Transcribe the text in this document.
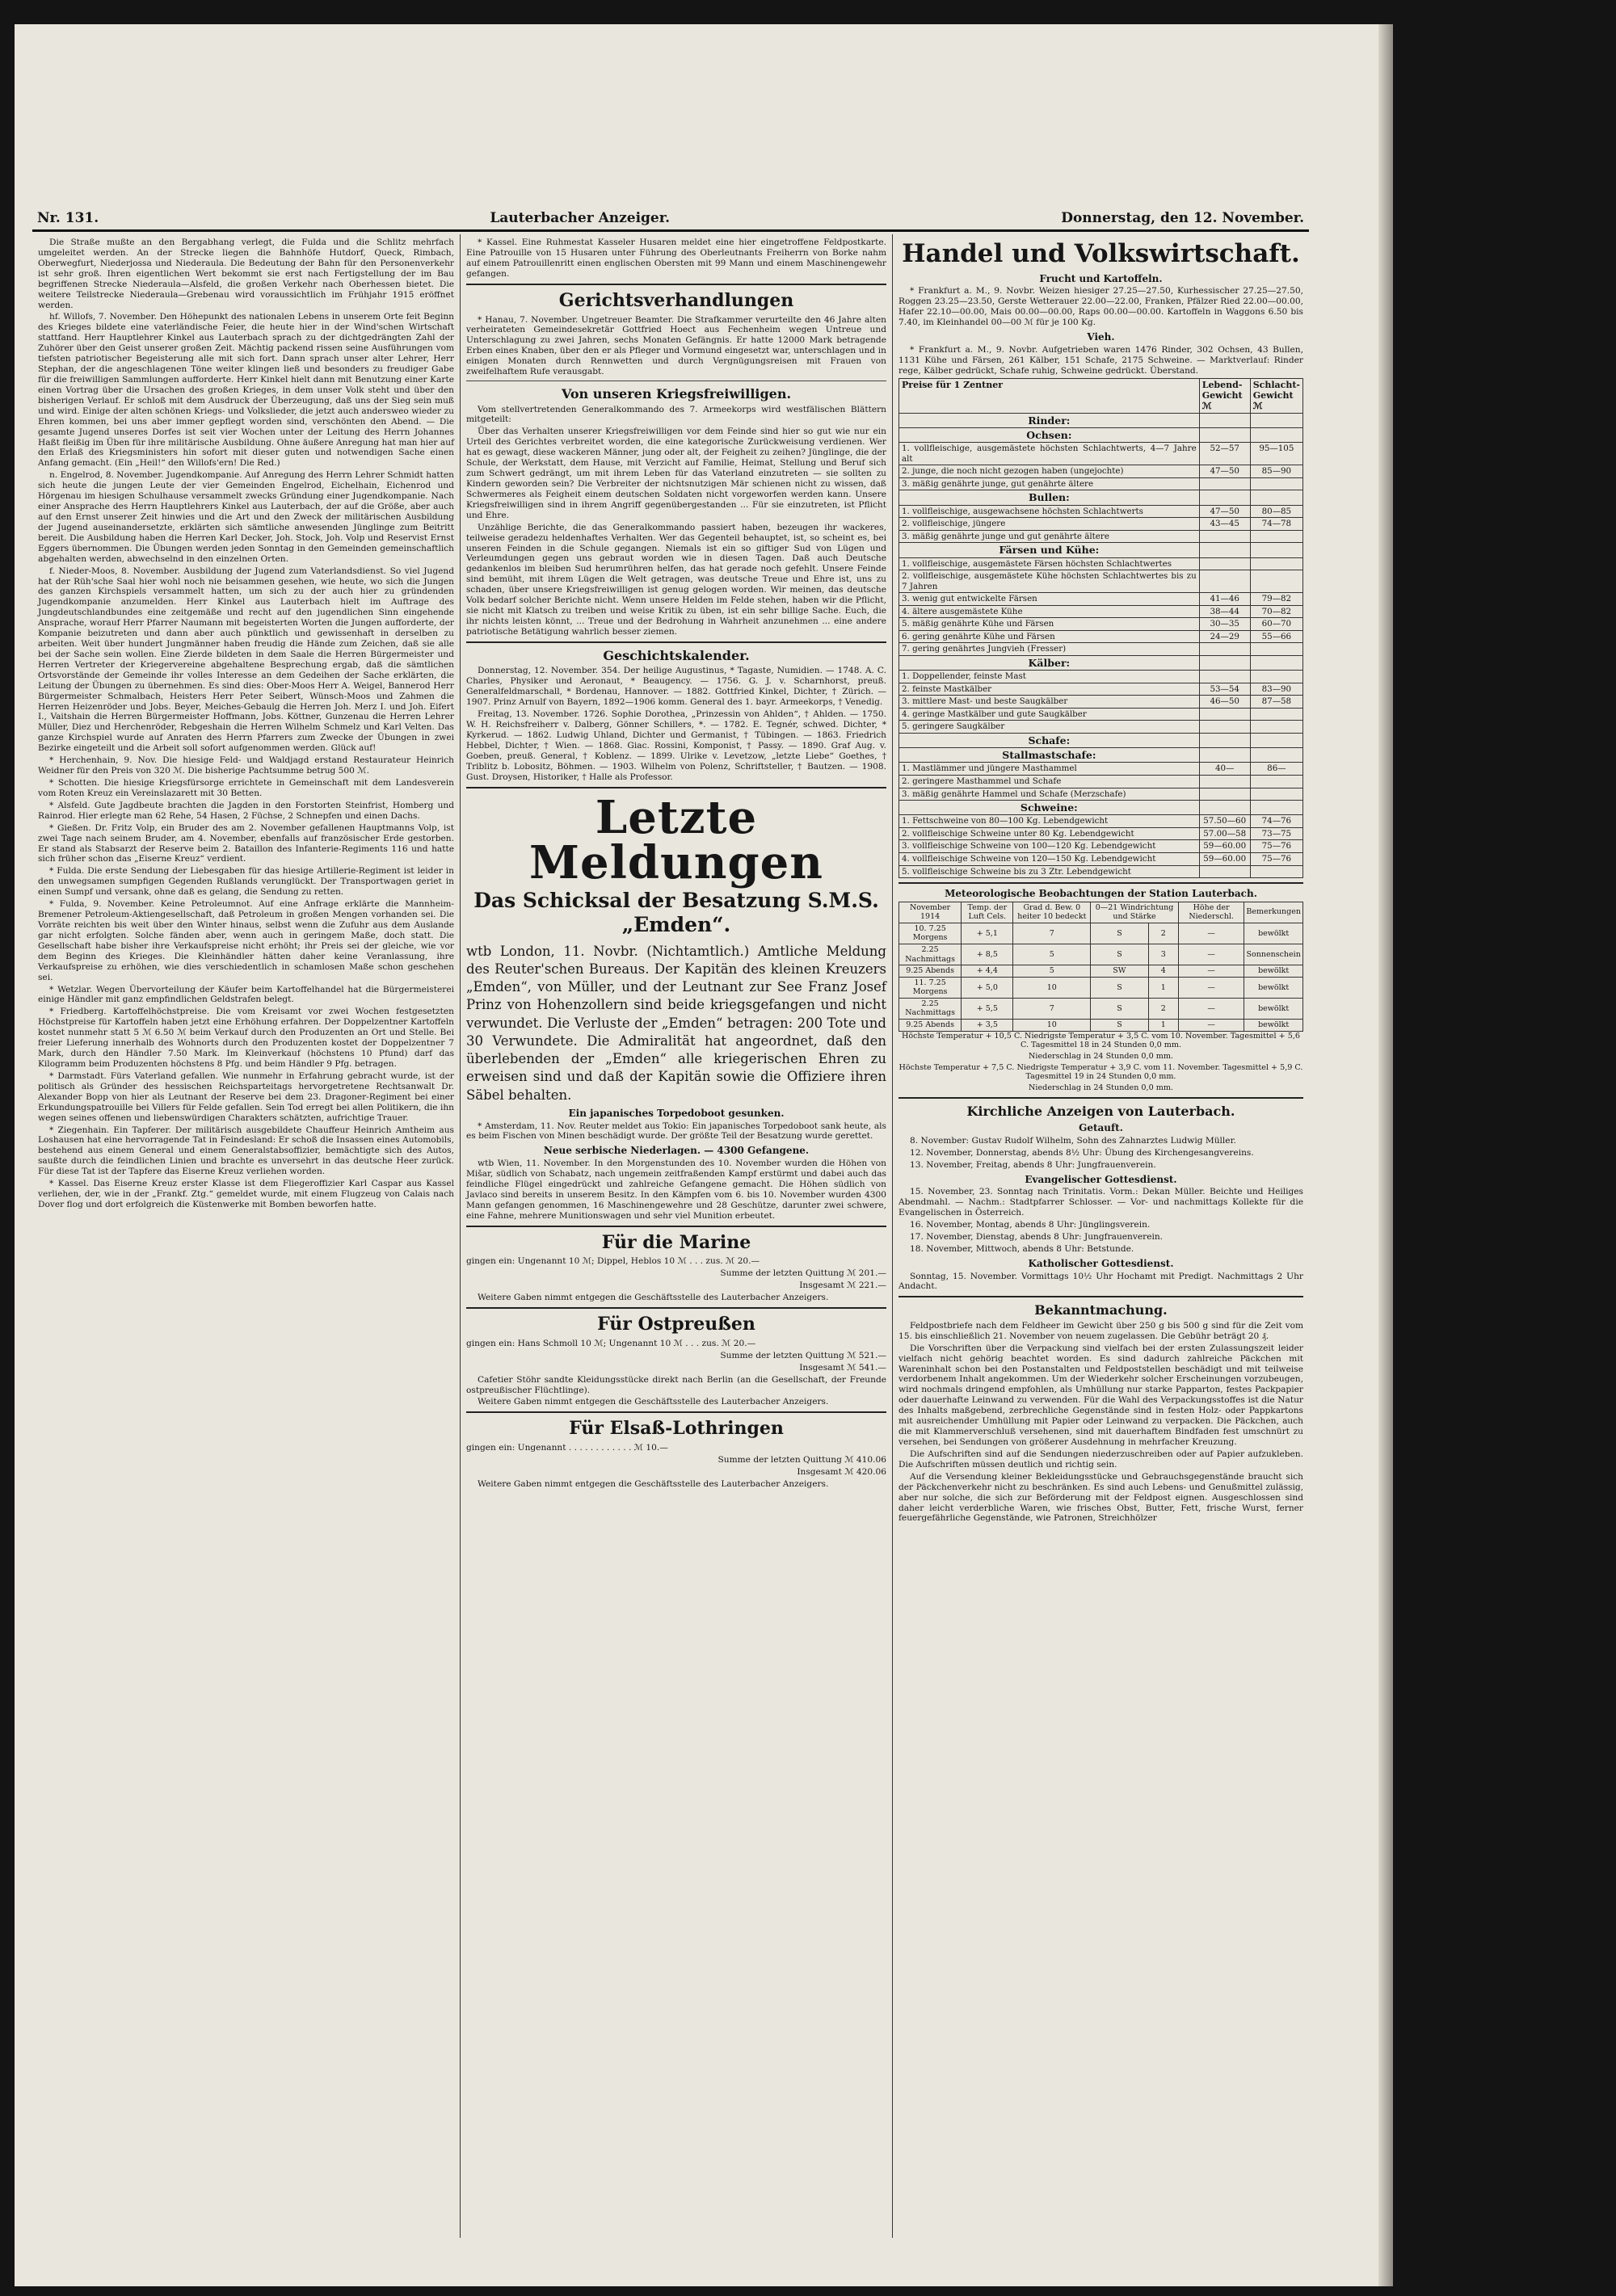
Nr. 131.	Lauterbacher Anzeiger.	Donnerstag, den 12. November.

Die Straße mußte an den Bergabhang verlegt, die Fulda und die Schlitz mehrfach umgeleitet werden. An der Strecke liegen die Bahnhöfe Hutdorf, Queck, Rimbach, Oberwegfurt, Niederjossa und Niederaula. Die Bedeutung der Bahn für den Personenverkehr ist sehr groß. Ihren eigentlichen Wert bekommt sie erst nach Fertigstellung der im Bau begriffenen Strecke Niederaula—Alsfeld, die großen Verkehr nach Oberhessen bietet. Die weitere Teilstrecke Niederaula—Grebenau wird voraussichtlich im Frühjahr 1915 eröffnet werden.

hf. Willofs, 7. November. Den Höhepunkt des nationalen Lebens in unserem Orte feit Beginn des Krieges bildete eine vaterländische Feier, die heute hier in der Wind'schen Wirtschaft stattfand. Herr Hauptlehrer Kinkel aus Lauterbach sprach zu der dichtgedrängten Zahl der Zuhörer über den Geist unserer großen Zeit. Mächtig packend rissen seine Ausführungen vom tiefsten patriotischer Begeisterung alle mit sich fort. Dann sprach unser alter Lehrer, Herr Stephan, der die angeschlagenen Töne weiter klingen ließ und besonders zu freudiger Gabe für die freiwilligen Sammlungen aufforderte. Herr Kinkel hielt dann mit Benutzung einer Karte einen Vortrag über die Ursachen des großen Krieges, in dem unser Volk steht und über den bisherigen Verlauf. Er schloß mit dem Ausdruck der Überzeugung, daß uns der Sieg sein muß und wird. Einige der alten schönen Kriegs- und Volkslieder, die jetzt auch andersweo wieder zu Ehren kommen, bei uns aber immer gepflegt worden sind, verschönten den Abend. — Die gesamte Jugend unseres Dorfes ist seit vier Wochen unter der Leitung des Herrn Johannes Haßt fleißig im Üben für ihre militärische Ausbildung. Ohne äußere Anregung hat man hier auf den Erlaß des Kriegsministers hin sofort mit dieser guten und notwendigen Sache einen Anfang gemacht. (Ein „Heil!“ den Willofs'ern! Die Red.)

n. Engelrod, 8. November. Jugendkompanie. Auf Anregung des Herrn Lehrer Schmidt hatten sich heute die jungen Leute der vier Gemeinden Engelrod, Eichelhain, Eichenrod und Hörgenau im hiesigen Schulhause versammelt zwecks Gründung einer Jugendkompanie. Nach einer Ansprache des Herrn Hauptlehrers Kinkel aus Lauterbach, der auf die Größe, aber auch auf den Ernst unserer Zeit hinwies und die Art und den Zweck der militärischen Ausbildung der Jugend auseinandersetzte, erklärten sich sämtliche anwesenden Jünglinge zum Beitritt bereit. Die Ausbildung haben die Herren Karl Decker, Joh. Stock, Joh. Volp und Reservist Ernst Eggers übernommen. Die Übungen werden jeden Sonntag in den Gemeinden gemeinschaftlich abgehalten werden, abwechselnd in den einzelnen Orten.

f. Nieder-Moos, 8. November. Ausbildung der Jugend zum Vaterlandsdienst. So viel Jugend hat der Rüh'sche Saal hier wohl noch nie beisammen gesehen, wie heute, wo sich die Jungen des ganzen Kirchspiels versammelt hatten, um sich zu der auch hier zu gründenden Jugendkompanie anzumelden. Herr Kinkel aus Lauterbach hielt im Auftrage des Jungdeutschlandbundes eine zeitgemäße und recht auf den jugendlichen Sinn eingehende Ansprache, worauf Herr Pfarrer Naumann mit begeisterten Worten die Jungen aufforderte, der Kompanie beizutreten und dann aber auch pünktlich und gewissenhaft in derselben zu arbeiten. Weit über hundert Jungmänner haben freudig die Hände zum Zeichen, daß sie alle bei der Sache sein wollen. Eine Zierde bildeten in dem Saale die Herren Bürgermeister und Herren Vertreter der Kriegervereine abgehaltene Besprechung ergab, daß die sämtlichen Ortsvorstände der Gemeinde ihr volles Interesse an dem Gedeihen der Sache erklärten, die Leitung der Übungen zu übernehmen. Es sind dies: Ober-Moos Herr A. Weigel, Bannerod Herr Bürgermeister Schmalbach, Heisters Herr Peter Seibert, Wünsch-Moos und Zahmen die Herren Heizenröder und Jobs. Beyer, Meiches-Gebaulg die Herren Joh. Merz I. und Joh. Eifert I., Vaitshain die Herren Bürgermeister Hoffmann, Jobs. Köttner, Gunzenau die Herren Lehrer Müller, Diez und Herchenröder, Rebgeshain die Herren Wilhelm Schmelz und Karl Velten. Das ganze Kirchspiel wurde auf Anraten des Herrn Pfarrers zum Zwecke der Übungen in zwei Bezirke eingeteilt und die Arbeit soll sofort aufgenommen werden. Glück auf!

* Herchenhain, 9. Nov. Die hiesige Feld- und Waldjagd erstand Restaurateur Heinrich Weidner für den Preis von 320 ℳ. Die bisherige Pachtsumme betrug 500 ℳ.

* Schotten. Die hiesige Kriegsfürsorge errichtete in Gemeinschaft mit dem Landesverein vom Roten Kreuz ein Vereinslazarett mit 30 Betten.

* Alsfeld. Gute Jagdbeute brachten die Jagden in den Forstorten Steinfrist, Homberg und Rainrod. Hier erlegte man 62 Rehe, 54 Hasen, 2 Füchse, 2 Schnepfen und einen Dachs.

* Gießen. Dr. Fritz Volp, ein Bruder des am 2. November gefallenen Hauptmanns Volp, ist zwei Tage nach seinem Bruder, am 4. November, ebenfalls auf französischer Erde gestorben. Er stand als Stabsarzt der Reserve beim 2. Bataillon des Infanterie-Regiments 116 und hatte sich früher schon das „Eiserne Kreuz“ verdient.

* Fulda. Die erste Sendung der Liebesgaben für das hiesige Artillerie-Regiment ist leider in den unwegsamen sumpfigen Gegenden Rußlands verunglückt. Der Transportwagen geriet in einen Sumpf und versank, ohne daß es gelang, die Sendung zu retten.

* Fulda, 9. November. Keine Petroleumnot. Auf eine Anfrage erklärte die Mannheim-Bremener Petroleum-Aktiengesellschaft, daß Petroleum in großen Mengen vorhanden sei. Die Vorräte reichten bis weit über den Winter hinaus, selbst wenn die Zufuhr aus dem Auslande gar nicht erfolgten. Solche fänden aber, wenn auch in geringem Maße, doch statt. Die Gesellschaft habe bisher ihre Verkaufspreise nicht erhöht; ihr Preis sei der gleiche, wie vor dem Beginn des Krieges. Die Kleinhändler hätten daher keine Veranlassung, ihre Verkaufspreise zu erhöhen, wie dies verschiedentlich in schamlosen Maße schon geschehen sei.

* Wetzlar. Wegen Übervorteilung der Käufer beim Kartoffelhandel hat die Bürgermeisterei einige Händler mit ganz empfindlichen Geldstrafen belegt.

* Friedberg. Kartoffelhöchstpreise. Die vom Kreisamt vor zwei Wochen festgesetzten Höchstpreise für Kartoffeln haben jetzt eine Erhöhung erfahren. Der Doppelzentner Kartoffeln kostet nunmehr statt 5 ℳ 6.50 ℳ beim Verkauf durch den Produzenten an Ort und Stelle. Bei freier Lieferung innerhalb des Wohnorts durch den Produzenten kostet der Doppelzentner 7 Mark, durch den Händler 7.50 Mark. Im Kleinverkauf (höchstens 10 Pfund) darf das Kilogramm beim Produzenten höchstens 8 Pfg. und beim Händler 9 Pfg. betragen.

* Darmstadt. Fürs Vaterland gefallen. Wie nunmehr in Erfahrung gebracht wurde, ist der politisch als Gründer des hessischen Reichsparteitags hervorgetretene Rechtsanwalt Dr. Alexander Bopp von hier als Leutnant der Reserve bei dem 23. Dragoner-Regiment bei einer Erkundungspatrouille bei Villers für Felde gefallen. Sein Tod erregt bei allen Politikern, die ihn wegen seines offenen und liebenswürdigen Charakters schätzten, aufrichtige Trauer.

* Ziegenhain. Ein Tapferer. Der militärisch ausgebildete Chauffeur Heinrich Amtheim aus Loshausen hat eine hervorragende Tat in Feindesland: Er schoß die Insassen eines Automobils, bestehend aus einem General und einem Generalstabsoffizier, bemächtigte sich des Autos, saußte durch die feindlichen Linien und brachte es unversehrt in das deutsche Heer zurück. Für diese Tat ist der Tapfere das Eiserne Kreuz verliehen worden.

* Kassel. Das Eiserne Kreuz erster Klasse ist dem Fliegeroffizier Karl Caspar aus Kassel verliehen, der, wie in der „Frankf. Ztg.“ gemeldet wurde, mit einem Flugzeug von Calais nach Dover flog und dort erfolgreich die Küstenwerke mit Bomben beworfen hatte.

* Kassel. Eine Ruhmestat Kasseler Husaren meldet eine hier eingetroffene Feldpostkarte. Eine Patrouille von 15 Husaren unter Führung des Oberleutnants Freiherrn von Borke nahm auf einem Patrouillenritt einen englischen Obersten mit 99 Mann und einem Maschinengewehr gefangen.

Gerichtsverhandlungen

* Hanau, 7. November. Ungetreuer Beamter. Die Strafkammer verurteilte den 46 Jahre alten verheirateten Gemeindesekretär Gottfried Hoect aus Fechenheim wegen Untreue und Unterschlagung zu zwei Jahren, sechs Monaten Gefängnis. Er hatte 12000 Mark betragende Erben eines Knaben, über den er als Pfleger und Vormund eingesetzt war, unterschlagen und in einigen Monaten durch Rennwetten und durch Vergnügungsreisen mit Frauen von zweifelhaftem Rufe verausgabt.

Von unseren Kriegsfreiwilligen.

Vom stellvertretenden Generalkommando des 7. Armeekorps wird westfälischen Blättern mitgeteilt:

Über das Verhalten unserer Kriegsfreiwilligen vor dem Feinde sind hier so gut wie nur ein Urteil des Gerichtes verbreitet worden, die eine kategorische Zurückweisung verdienen. Wer hat es gewagt, diese wackeren Männer, jung oder alt, der Feigheit zu zeihen? Jünglinge, die der Schule, der Werkstatt, dem Hause, mit Verzicht auf Familie, Heimat, Stellung und Beruf sich zum Schwert gedrängt, um mit ihrem Leben für das Vaterland einzutreten — sie sollten zu Kindern geworden sein? Die Verbreiter der nichtsnutzigen Mär schienen nicht zu wissen, daß Schwermeres als Feigheit einem deutschen Soldaten nicht vorgeworfen werden kann. Unsere Kriegsfreiwilligen sind in ihrem Angriff gegenübergestanden ... Für sie einzutreten, ist Pflicht und Ehre.

Unzählige Berichte, die das Generalkommando passiert haben, bezeugen ihr wackeres, teilweise geradezu heldenhaftes Verhalten. Wer das Gegenteil behauptet, ist, so scheint es, bei unseren Feinden in die Schule gegangen. Niemals ist ein so giftiger Sud von Lügen und Verleumdungen gegen uns gebraut worden wie in diesen Tagen. Daß auch Deutsche gedankenlos im bleiben Sud herumrühren helfen, das hat gerade noch gefehlt. Unsere Feinde sind bemüht, mit ihrem Lügen die Welt getragen, was deutsche Treue und Ehre ist, uns zu schaden, über unsere Kriegsfreiwilligen ist genug gelogen worden. Wir meinen, das deutsche Volk bedarf solcher Berichte nicht. Wenn unsere Helden im Felde stehen, haben wir die Pflicht, sie nicht mit Klatsch zu treiben und weise Kritik zu üben, ist ein sehr billige Sache. Euch, die ihr nichts leisten könnt, ... Treue und der Bedrohung in Wahrheit anzunehmen ... eine andere patriotische Betätigung wahrlich besser ziemen.

Geschichtskalender.

Donnerstag, 12. November. 354. Der heilige Augustinus, * Tagaste, Numidien. — 1748. A. C. Charles, Physiker und Aeronaut, * Beaugency. — 1756. G. J. v. Scharnhorst, preuß. Generalfeldmarschall, * Bordenau, Hannover. — 1882. Gottfried Kinkel, Dichter, † Zürich. — 1907. Prinz Arnulf von Bayern, 1892—1906 komm. General des 1. bayr. Armeekorps, † Venedig.

Freitag, 13. November. 1726. Sophie Dorothea, „Prinzessin von Ahlden“, † Ahlden. — 1750. W. H. Reichsfreiherr v. Dalberg, Gönner Schillers, *. — 1782. E. Tegnér, schwed. Dichter, * Kyrkerud. — 1862. Ludwig Uhland, Dichter und Germanist, † Tübingen. — 1863. Friedrich Hebbel, Dichter, † Wien. — 1868. Giac. Rossini, Komponist, † Passy. — 1890. Graf Aug. v. Goeben, preuß. General, † Koblenz. — 1899. Ulrike v. Levetzow, „letzte Liebe“ Goethes, † Triblitz b. Lobositz, Böhmen. — 1903. Wilhelm von Polenz, Schriftsteller, † Bautzen. — 1908. Gust. Droysen, Historiker, † Halle als Professor.

Letzte Meldungen
Das Schicksal der Besatzung S.M.S. „Emden“.

wtb London, 11. Novbr. (Nichtamtlich.) Amtliche Meldung des Reuter'schen Bureaus. Der Kapitän des kleinen Kreuzers „Emden“, von Müller, und der Leutnant zur See Franz Josef Prinz von Hohenzollern sind beide kriegsgefangen und nicht verwundet. Die Verluste der „Emden“ betragen: 200 Tote und 30 Verwundete. Die Admiralität hat angeordnet, daß den überlebenden der „Emden“ alle kriegerischen Ehren zu erweisen sind und daß der Kapitän sowie die Offiziere ihren Säbel behalten.

Ein japanisches Torpedoboot gesunken.

* Amsterdam, 11. Nov. Reuter meldet aus Tokio: Ein japanisches Torpedoboot sank heute, als es beim Fischen von Minen beschädigt wurde. Der größte Teil der Besatzung wurde gerettet.

Neue serbische Niederlagen. — 4300 Gefangene.

wtb Wien, 11. November. In den Morgenstunden des 10. November wurden die Höhen von Mišar, südlich von Schabatz, nach ungemein zeitfraßenden Kampf erstürmt und dabei auch das feindliche Flügel eingedrückt und zahlreiche Gefangene gemacht. Die Höhen südlich von Javlaco sind bereits in unserem Besitz. In den Kämpfen vom 6. bis 10. November wurden 4300 Mann gefangen genommen, 16 Maschinengewehre und 28 Geschütze, darunter zwei schwere, eine Fahne, mehrere Munitionswagen und sehr viel Munition erbeutet.

Für die Marine

gingen ein: Ungenannt 10 ℳ; Dippel, Heblos 10 ℳ . . . zus. ℳ 20.—

Summe der letzten Quittung ℳ 201.—

Insgesamt ℳ 221.—

Weitere Gaben nimmt entgegen die Geschäftsstelle des Lauterbacher Anzeigers.

Für Ostpreußen

gingen ein: Hans Schmoll 10 ℳ; Ungenannt 10 ℳ . . . zus. ℳ 20.—

Summe der letzten Quittung ℳ 521.—

Insgesamt ℳ 541.—

Cafetier Stöhr sandte Kleidungsstücke direkt nach Berlin (an die Gesellschaft, der Freunde ostpreußischer Flüchtlinge).

Weitere Gaben nimmt entgegen die Geschäftsstelle des Lauterbacher Anzeigers.

Für Elsaß-Lothringen

gingen ein: Ungenannt . . . . . . . . . . . . ℳ 10.—

Summe der letzten Quittung ℳ 410.06

Insgesamt ℳ 420.06

Weitere Gaben nimmt entgegen die Geschäftsstelle des Lauterbacher Anzeigers.

Handel und Volkswirtschaft.
Frucht und Kartoffeln.

* Frankfurt a. M., 9. Novbr. Weizen hiesiger 27.25—27.50, Kurhessischer 27.25—27.50, Roggen 23.25—23.50, Gerste Wetterauer 22.00—22.00, Franken, Pfälzer Ried 22.00—00.00, Hafer 22.10—00.00, Mais 00.00—00.00, Raps 00.00—00.00. Kartoffeln in Waggons 6.50 bis 7.40, im Kleinhandel 00—00 ℳ für je 100 Kg.

Vieh.

* Frankfurt a. M., 9. Novbr. Aufgetrieben waren 1476 Rinder, 302 Ochsen, 43 Bullen, 1131 Kühe und Färsen, 261 Kälber, 151 Schafe, 2175 Schweine. — Marktverlauf: Rinder rege, Kälber gedrückt, Schafe ruhig, Schweine gedrückt. Überstand.

Preise für 1 Zentner	Lebend-Gewicht ℳ	Schlacht-Gewicht ℳ
Rinder:		
Ochsen:		
1. vollfleischige, ausgemästete höchsten Schlachtwerts, 4—7 Jahre alt	52—57	95—105
2. junge, die noch nicht gezogen haben (ungejochte)	47—50	85—90
3. mäßig genährte junge, gut genährte ältere		
Bullen:		
1. vollfleischige, ausgewachsene höchsten Schlachtwerts	47—50	80—85
2. vollfleischige, jüngere	43—45	74—78
3. mäßig genährte junge und gut genährte ältere		
Färsen und Kühe:		
1. vollfleischige, ausgemästete Färsen höchsten Schlachtwertes		
2. vollfleischige, ausgemästete Kühe höchsten Schlachtwertes bis zu 7 Jahren		
3. wenig gut entwickelte Färsen	41—46	79—82
4. ältere ausgemästete Kühe	38—44	70—82
5. mäßig genährte Kühe und Färsen	30—35	60—70
6. gering genährte Kühe und Färsen	24—29	55—66
7. gering genährtes Jungvieh (Fresser)		
Kälber:		
1. Doppellender, feinste Mast		
2. feinste Mastkälber	53—54	83—90
3. mittlere Mast- und beste Saugkälber	46—50	87—58
4. geringe Mastkälber und gute Saugkälber		
5. geringere Saugkälber		
Schafe:		
Stallmastschafe:		
1. Mastlämmer und jüngere Masthammel	40—	86—
2. geringere Masthammel und Schafe		
3. mäßig genährte Hammel und Schafe (Merzschafe)		
Schweine:		
1. Fettschweine von 80—100 Kg. Lebendgewicht	57.50—60	74—76
2. vollfleischige Schweine unter 80 Kg. Lebendgewicht	57.00—58	73—75
3. vollfleischige Schweine von 100—120 Kg. Lebendgewicht	59—60.00	75—76
4. vollfleischige Schweine von 120—150 Kg. Lebendgewicht	59—60.00	75—76
5. vollfleischige Schweine bis zu 3 Ztr. Lebendgewicht		
Meteorologische Beobachtungen der Station Lauterbach.
November 1914	Temp. der Luft Cels.	Grad d. Bew. 0 heiter 10 bedeckt	0—21 Windrichtung und Stärke		Höhe der Niederschl.	Bemerkungen
10. 7.25 Morgens	+ 5,1	7	S	2	—	bewölkt
2.25 Nachmittags	+ 8,5	5	S	3	—	Sonnenschein
9.25 Abends	+ 4,4	5	SW	4	—	bewölkt
11. 7.25 Morgens	+ 5,0	10	S	1	—	bewölkt
2.25 Nachmittags	+ 5,5	7	S	2	—	bewölkt
9.25 Abends	+ 3,5	10	S	1	—	bewölkt

Höchste Temperatur + 10,5 C. Niedrigste Temperatur + 3,5 C. vom 10. November. Tagesmittel + 5,6 C. Tagesmittel 18 in 24 Stunden 0,0 mm.

Niederschlag in 24 Stunden 0,0 mm.

Höchste Temperatur + 7,5 C. Niedrigste Temperatur + 3,9 C. vom 11. November. Tagesmittel + 5,9 C. Tagesmittel 19 in 24 Stunden 0,0 mm.

Niederschlag in 24 Stunden 0,0 mm.

Kirchliche Anzeigen von Lauterbach.
Getauft.

8. November: Gustav Rudolf Wilhelm, Sohn des Zahnarztes Ludwig Müller.

12. November, Donnerstag, abends 8½ Uhr: Übung des Kirchengesangvereins.

13. November, Freitag, abends 8 Uhr: Jungfrauenverein.

Evangelischer Gottesdienst.

15. November, 23. Sonntag nach Trinitatis. Vorm.: Dekan Müller. Beichte und Heiliges Abendmahl. — Nachm.: Stadtpfarrer Schlosser. — Vor- und nachmittags Kollekte für die Evangelischen in Österreich.

16. November, Montag, abends 8 Uhr: Jünglingsverein.

17. November, Dienstag, abends 8 Uhr: Jungfrauenverein.

18. November, Mittwoch, abends 8 Uhr: Betstunde.

Katholischer Gottesdienst.

Sonntag, 15. November. Vormittags 10½ Uhr Hochamt mit Predigt. Nachmittags 2 Uhr Andacht.

Bekanntmachung.

Feldpostbriefe nach dem Feldheer im Gewicht über 250 g bis 500 g sind für die Zeit vom 15. bis einschließlich 21. November von neuem zugelassen. Die Gebühr beträgt 20 ₰.

Die Vorschriften über die Verpackung sind vielfach bei der ersten Zulassungszeit leider vielfach nicht gehörig beachtet worden. Es sind dadurch zahlreiche Päckchen mit Wareninhalt schon bei den Postanstalten und Feldpoststellen beschädigt und mit teilweise verdorbenem Inhalt angekommen. Um der Wiederkehr solcher Erscheinungen vorzubeugen, wird nochmals dringend empfohlen, als Umhüllung nur starke Papparton, festes Packpapier oder dauerhafte Leinwand zu verwenden. Für die Wahl des Verpackungsstoffes ist die Natur des Inhalts maßgebend, zerbrechliche Gegenstände sind in festen Holz- oder Pappkartons mit ausreichender Umhüllung mit Papier oder Leinwand zu verpacken. Die Päckchen, auch die mit Klammerverschluß versehenen, sind mit dauerhaftem Bindfaden fest umschnürt zu versehen, bei Sendungen von größerer Ausdehnung in mehrfacher Kreuzung.

Die Aufschriften sind auf die Sendungen niederzuschreiben oder auf Papier aufzukleben. Die Aufschriften müssen deutlich und richtig sein.

Auf die Versendung kleiner Bekleidungsstücke und Gebrauchsgegenstände braucht sich der Päckchenverkehr nicht zu beschränken. Es sind auch Lebens- und Genußmittel zulässig, aber nur solche, die sich zur Beförderung mit der Feldpost eignen. Ausgeschlossen sind daher leicht verderbliche Waren, wie frisches Obst, Butter, Fett, frische Wurst, ferner feuergefährliche Gegenstände, wie Patronen, Streichhölzer
